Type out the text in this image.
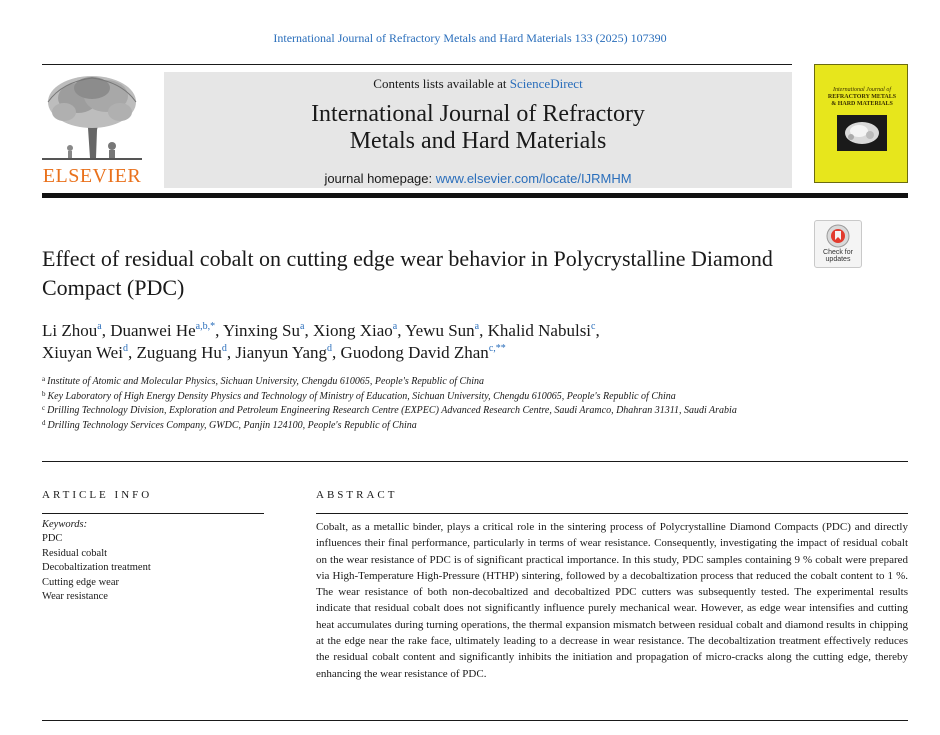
International Journal of Refractory Metals and Hard Materials 133 (2025) 107390
ELSEVIER
Contents lists available at ScienceDirect
International Journal of Refractory
Metals and Hard Materials
journal homepage: www.elsevier.com/locate/IJRMHM
International Journal of
REFRACTORY METALS
& HARD MATERIALS
Check for updates
Effect of residual cobalt on cutting edge wear behavior in Polycrystalline Diamond Compact (PDC)
Li Zhou$^a$, Duanwei $He^{a,b,*}$, Yinxing Su$^a$, Xiong Xiao$^a$, Yewu Sun$^a$, Khalid Nabulsi$^c$,
Xiuyan Wei$^d$, Zuguang Hu$^d$, Jianyun Yang$^d$, Guodong David Zhan$^{c,**}$
$^a$ Institute of Atomic and Molecular Physics, Sichuan University, Chengdu 610065, People's Republic of China
$^b$ Key Laboratory of High Energy Density Physics and Technology of Ministry of Education, Sichuan University, Chengdu 610065, People's Republic of China
$^c$ Drilling Technology Division, Exploration and Petroleum Engineering Research Centre (EXPEC) Advanced Research Centre, Saudi Aramco, Dhahran 31311, Saudi Arabia
$^d$ Drilling Technology Services Company, GWDC, Panjin 124100, People's Republic of China
ARTICLE INFO	ABSTRACT
Keywords:
PDC
Residual cobalt
Decobaltization treatment
Cutting edge wear
Wear resistance
Cobalt, as a metallic binder, plays a critical role in the sintering process of Polycrystalline Diamond Compacts (PDC) and directly influences their final performance, particularly in terms of wear resistance. Consequently, investigating the impact of residual cobalt on the wear resistance of PDC is of significant practical importance. In this study, PDC samples containing 9 % cobalt were prepared via High-Temperature High-Pressure (HTHP) sintering, followed by a decobaltization process that reduced the cobalt content to 1 %. The wear resistance of both non-decobaltized and decobaltized PDC cutters was subsequently tested. The experimental results indicate that residual cobalt does not significantly influence purely mechanical wear. However, as edge wear intensifies and cutting heat accumulates during turning operations, the thermal expansion mismatch between residual cobalt and diamond results in chipping at the edge near the rake face, ultimately leading to a decrease in wear resistance. The decobaltization treatment effectively reduces the residual cobalt content and significantly inhibits the initiation and propagation of micro-cracks along the cutting edge, thereby enhancing the wear resistance of PDC.
